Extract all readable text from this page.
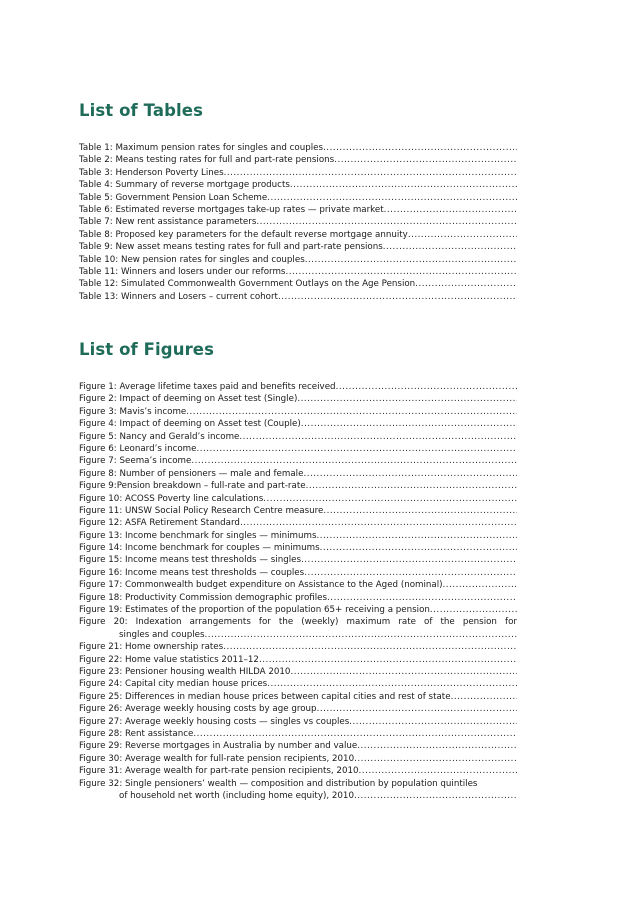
List of Tables
Table 1: Maximum pension rates for singles and couples
.....
Table 2: Means testing rates for full and part-rate pensions
.....
Table 3: Henderson Poverty Lines
.....
Table 4: Summary of reverse mortgage products
.....
Table 5: Government Pension Loan Scheme
.....
Table 6: Estimated reverse mortgages take-up rates — private market
.....
Table 7: New rent assistance parameters
.....
Table 8: Proposed key parameters for the default reverse mortgage annuity
.....
Table 9: New asset means testing rates for full and part-rate pensions
.....
Table 10: New pension rates for singles and couples
.....
Table 11: Winners and losers under our reforms
.....
Table 12: Simulated Commonwealth Government Outlays on the Age Pension
.....
Table 13: Winners and Losers – current cohort
.....
List of Figures
Figure 1: Average lifetime taxes paid and benefits received
.....
Figure 2: Impact of deeming on Asset test (Single)
.....
Figure 3: Mavis’s income
.....
Figure 4: Impact of deeming on Asset test (Couple)
.....
Figure 5: Nancy and Gerald’s income
.....
Figure 6: Leonard’s income
.....
Figure 7: Seema’s income
.....
Figure 8: Number of pensioners — male and female
.....
Figure 9:Pension breakdown – full-rate and part-rate
.....
Figure 10: ACOSS Poverty line calculations
.....
Figure 11: UNSW Social Policy Research Centre measure
.....
Figure 12: ASFA Retirement Standard
.....
Figure 13: Income benchmark for singles — minimums
.....
Figure 14: Income benchmark for couples — minimums
.....
Figure 15: Income means test thresholds — singles
.....
Figure 16: Income means test thresholds — couples
.....
Figure 17: Commonwealth budget expenditure on Assistance to the Aged (nominal)
.....
Figure 18: Productivity Commission demographic profiles
.....
Figure 19: Estimates of the proportion of the population 65+ receiving a pension
.....
Figure 20: Indexation arrangements for the (weekly) maximum rate of the pension for
singles and couples
.....
Figure 21: Home ownership rates
.....
Figure 22: Home value statistics 2011–12
.....
Figure 23: Pensioner housing wealth HILDA 2010
.....
Figure 24: Capital city median house prices
.....
Figure 25: Differences in median house prices between capital cities and rest of state
.....
Figure 26: Average weekly housing costs by age group
.....
Figure 27: Average weekly housing costs — singles vs couples
.....
Figure 28: Rent assistance
.....
Figure 29: Reverse mortgages in Australia by number and value
.....
Figure 30: Average wealth for full-rate pension recipients, 2010
.....
Figure 31: Average wealth for part-rate pension recipients, 2010
.....
Figure 32: Single pensioners’ wealth — composition and distribution by population quintiles
of household net worth (including home equity), 2010
.....
